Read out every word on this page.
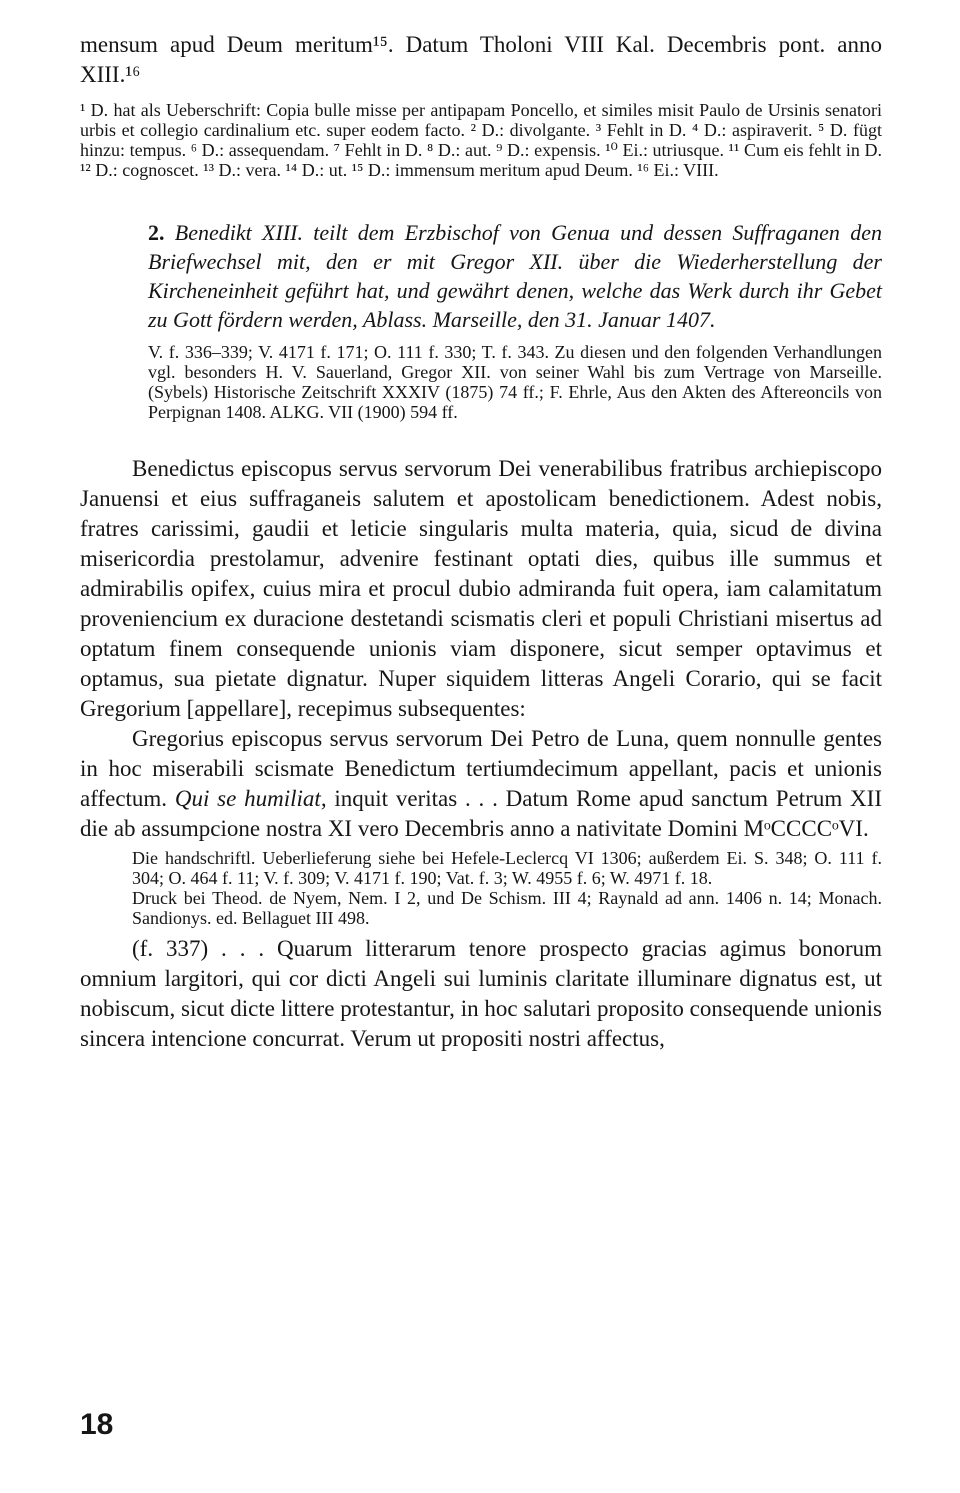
mensum apud Deum meritum¹⁵. Datum Tholoni VIII Kal. Decembris pont. anno XIII.¹⁶

¹ D. hat als Ueberschrift: Copia bulle misse per antipapam Poncello, et similes misit Paulo de Ursinis senatori urbis et collegio cardinalium etc. super eodem facto. ² D.: divolgante. ³ Fehlt in D. ⁴ D.: aspiraverit. ⁵ D. fügt hinzu: tempus. ⁶ D.: assequendam. ⁷ Fehlt in D. ⁸ D.: aut. ⁹ D.: expensis. ¹⁰ Ei.: utriusque. ¹¹ Cum eis fehlt in D. ¹² D.: cognoscet. ¹³ D.: vera. ¹⁴ D.: ut. ¹⁵ D.: immensum meritum apud Deum. ¹⁶ Ei.: VIII.

2. Benedikt XIII. teilt dem Erzbischof von Genua und dessen Suffraganen den Briefwechsel mit, den er mit Gregor XII. über die Wiederherstellung der Kircheneinheit geführt hat, und gewährt denen, welche das Werk durch ihr Gebet zu Gott fördern werden, Ablass. Marseille, den 31. Januar 1407.

V. f. 336–339; V. 4171 f. 171; O. 111 f. 330; T. f. 343. Zu diesen und den folgenden Verhandlungen vgl. besonders H. V. Sauerland, Gregor XII. von seiner Wahl bis zum Vertrage von Marseille. (Sybels) Historische Zeitschrift XXXIV (1875) 74 ff.; F. Ehrle, Aus den Akten des Aftereoncils von Perpignan 1408. ALKG. VII (1900) 594 ff.

Benedictus episcopus servus servorum Dei venerabilibus fratribus archiepiscopo Januensi et eius suffraganeis salutem et apostolicam benedictionem. Adest nobis, fratres carissimi, gaudii et leticie singularis multa materia, quia, sicud de divina misericordia prestolamur, advenire festinant optati dies, quibus ille summus et admirabilis opifex, cuius mira et procul dubio admiranda fuit opera, iam calamitatum proveniencium ex duracione destetandi scismatis cleri et populi Christiani misertus ad optatum finem consequende unionis viam disponere, sicut semper optavimus et optamus, sua pietate dignatur. Nuper siquidem litteras Angeli Corario, qui se facit Gregorium [appellare], recepimus subsequentes:

Gregorius episcopus servus servorum Dei Petro de Luna, quem nonnulle gentes in hoc miserabili scismate Benedictum tertiumdecimum appellant, pacis et unionis affectum. Qui se humiliat, inquit veritas . . . Datum Rome apud sanctum Petrum XII die ab assumpcione nostra XI vero Decembris anno a nativitate Domini MᵒCCCCᵒVI.

Die handschriftl. Ueberlieferung siehe bei Hefele-Leclercq VI 1306; außerdem Ei. S. 348; O. 111 f. 304; O. 464 f. 11; V. f. 309; V. 4171 f. 190; Vat. f. 3; W. 4955 f. 6; W. 4971 f. 18.

Druck bei Theod. de Nyem, Nem. I 2, und De Schism. III 4; Raynald ad ann. 1406 n. 14; Monach. Sandionys. ed. Bellaguet III 498.

(f. 337) . . . Quarum litterarum tenore prospecto gracias agimus bonorum omnium largitori, qui cor dicti Angeli sui luminis claritate illuminare dignatus est, ut nobiscum, sicut dicte littere protestantur, in hoc salutari proposito consequende unionis sincera intencione concurrat. Verum ut propositi nostri affectus,

18
